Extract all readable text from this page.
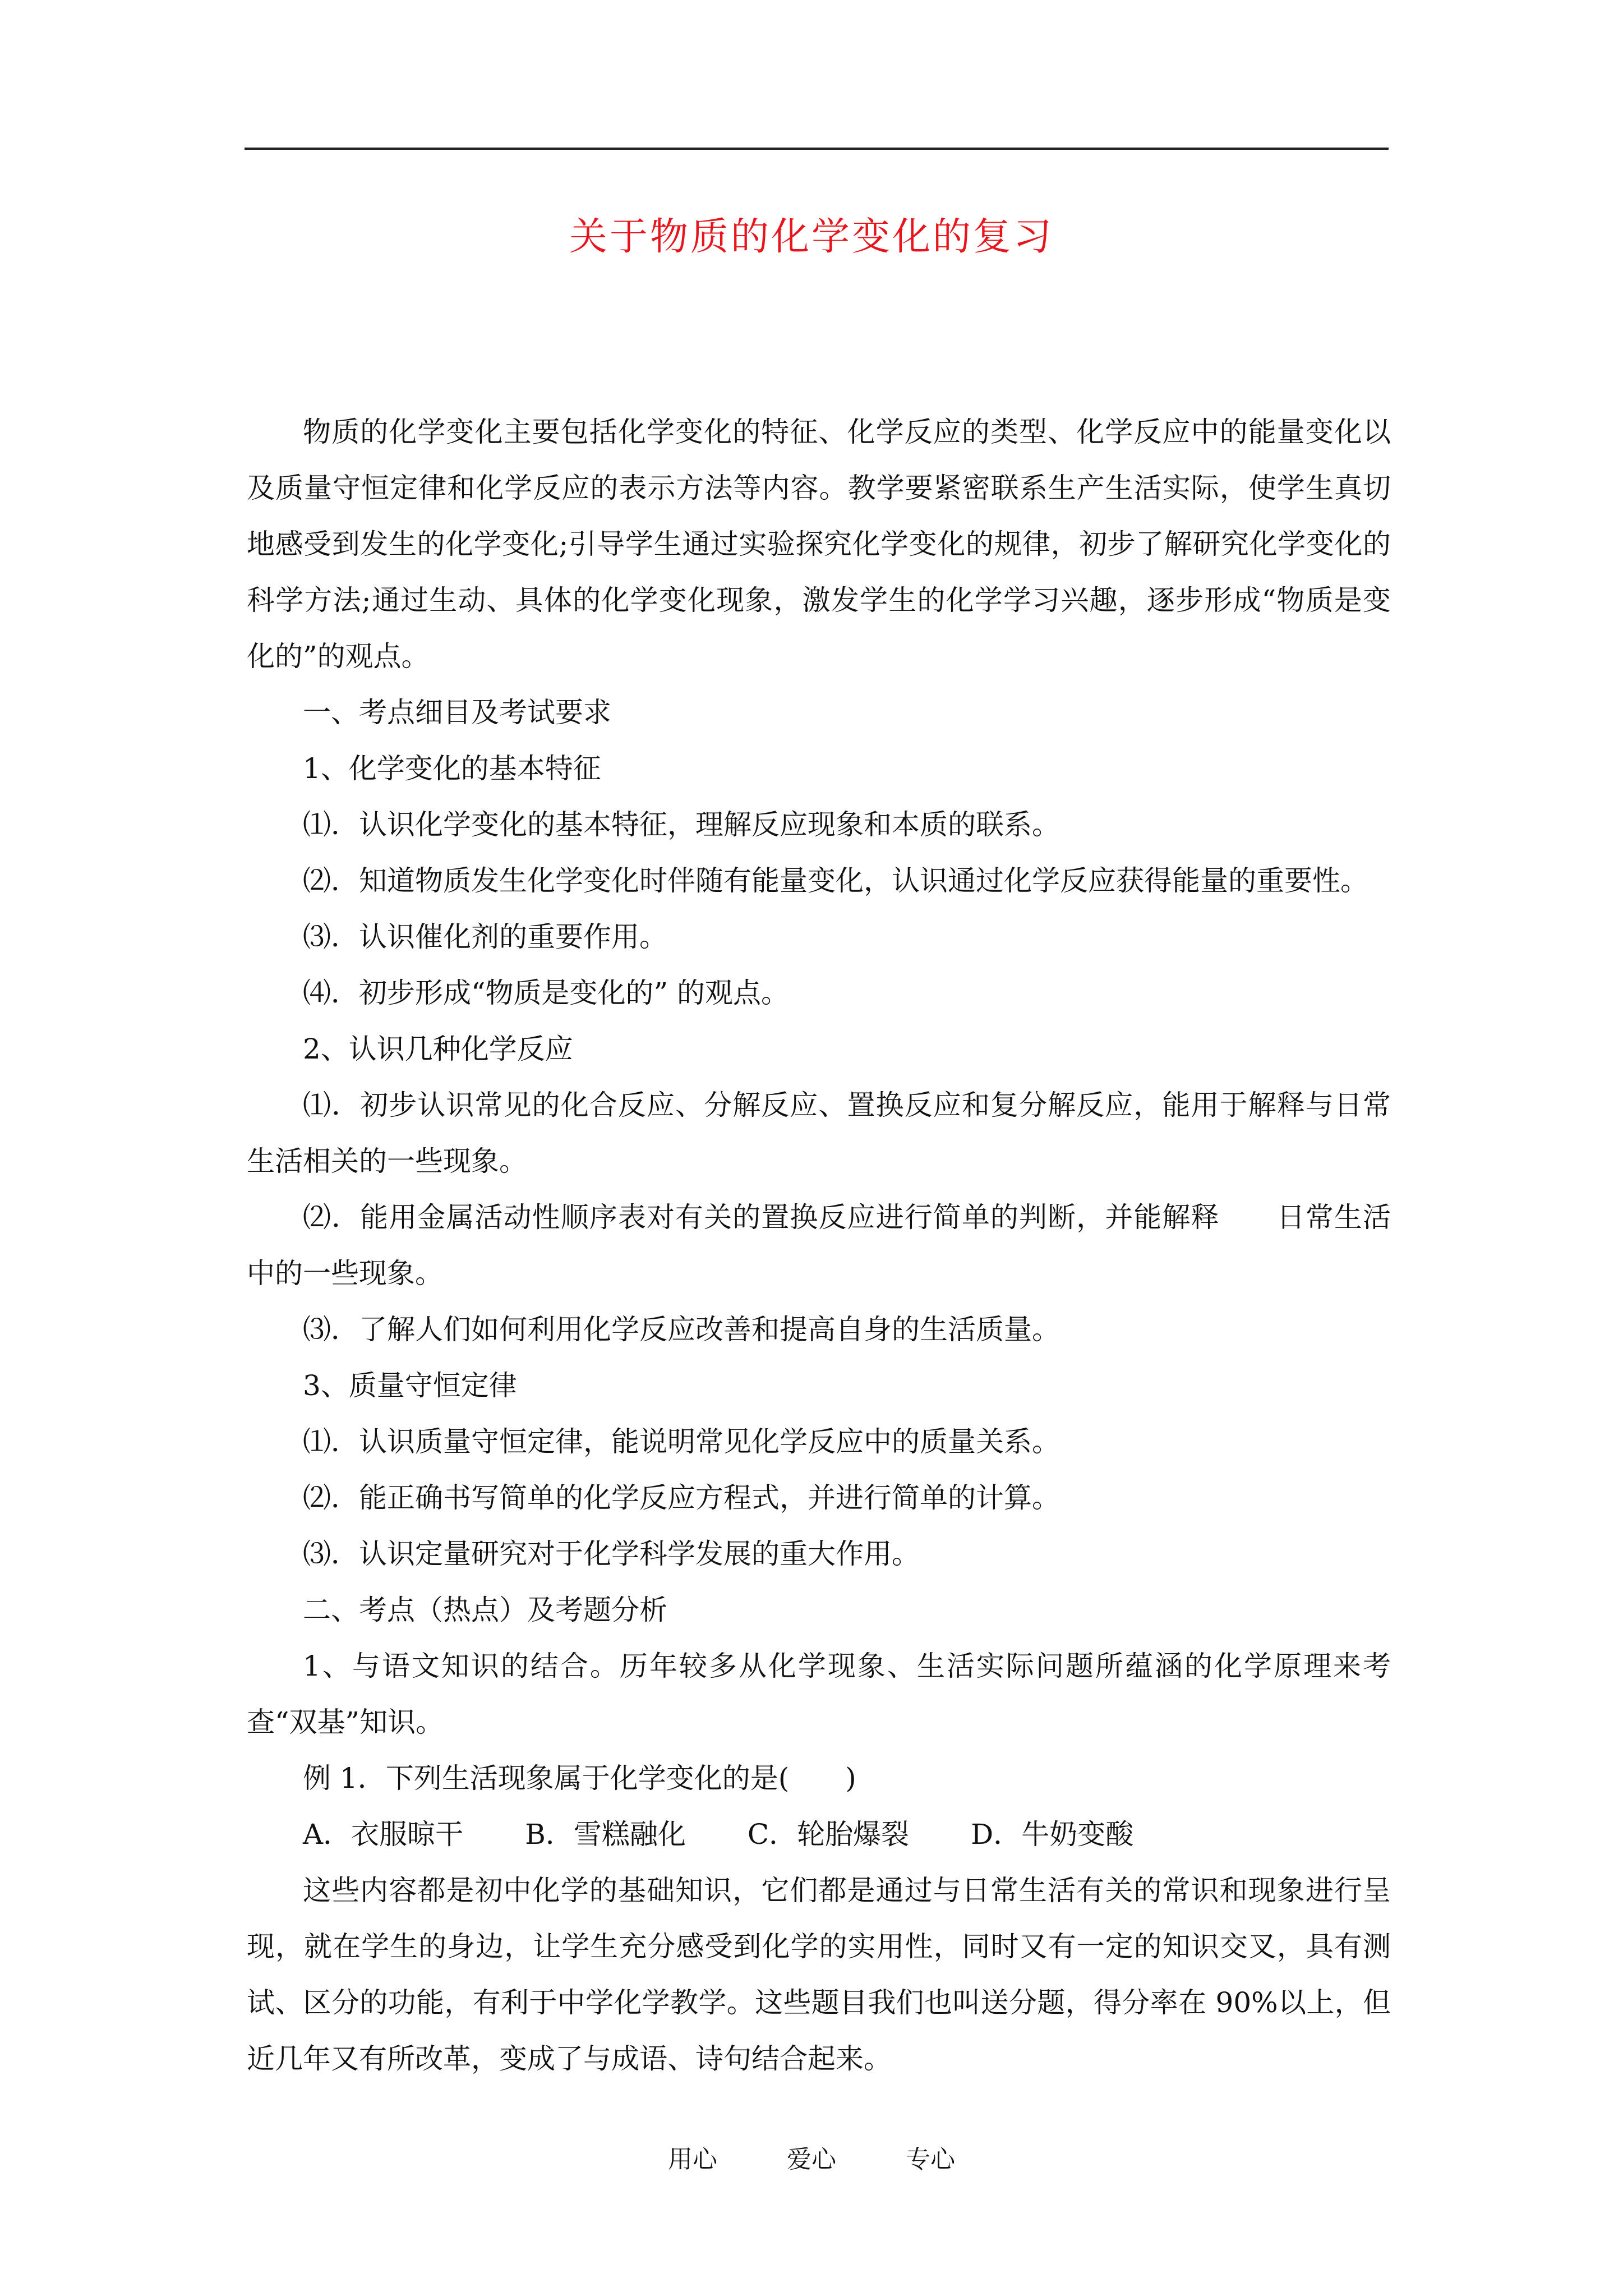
关于物质的化学变化的复习

物质的化学变化主要包括化学变化的特征、化学反应的类型、化学反应中的能量变化以及质量守恒定律和化学反应的表示方法等内容。教学要紧密联系生产生活实际，使学生真切地感受到发生的化学变化;引导学生通过实验探究化学变化的规律，初步了解研究化学变化的科学方法;通过生动、具体的化学变化现象，激发学生的化学学习兴趣，逐步形成“物质是变化的”的观点。

一、考点细目及考试要求

1、化学变化的基本特征

⑴．认识化学变化的基本特征，理解反应现象和本质的联系。

⑵．知道物质发生化学变化时伴随有能量变化，认识通过化学反应获得能量的重要性。

⑶．认识催化剂的重要作用。

⑷．初步形成“物质是变化的” 的观点。

2、认识几种化学反应

⑴．初步认识常见的化合反应、分解反应、置换反应和复分解反应，能用于解释与日常生活相关的一些现象。

⑵．能用金属活动性顺序表对有关的置换反应进行简单的判断，并能解释　　日常生活中的一些现象。

⑶．了解人们如何利用化学反应改善和提高自身的生活质量。

3、质量守恒定律

⑴．认识质量守恒定律，能说明常见化学反应中的质量关系。

⑵．能正确书写简单的化学反应方程式，并进行简单的计算。

⑶．认识定量研究对于化学科学发展的重大作用。

二、考点（热点）及考题分析

1、与语文知识的结合。历年较多从化学现象、生活实际问题所蕴涵的化学原理来考查“双基”知识。

例 1．下列生活现象属于化学变化的是(　　)

A．衣服晾干 B．雪糕融化 C．轮胎爆裂 D．牛奶变酸

这些内容都是初中化学的基础知识，它们都是通过与日常生活有关的常识和现象进行呈现，就在学生的身边，让学生充分感受到化学的实用性，同时又有一定的知识交叉，具有测试、区分的功能，有利于中学化学教学。这些题目我们也叫送分题，得分率在 90%以上，但近几年又有所改革，变成了与成语、诗句结合起来。

用心	爱心	专心
